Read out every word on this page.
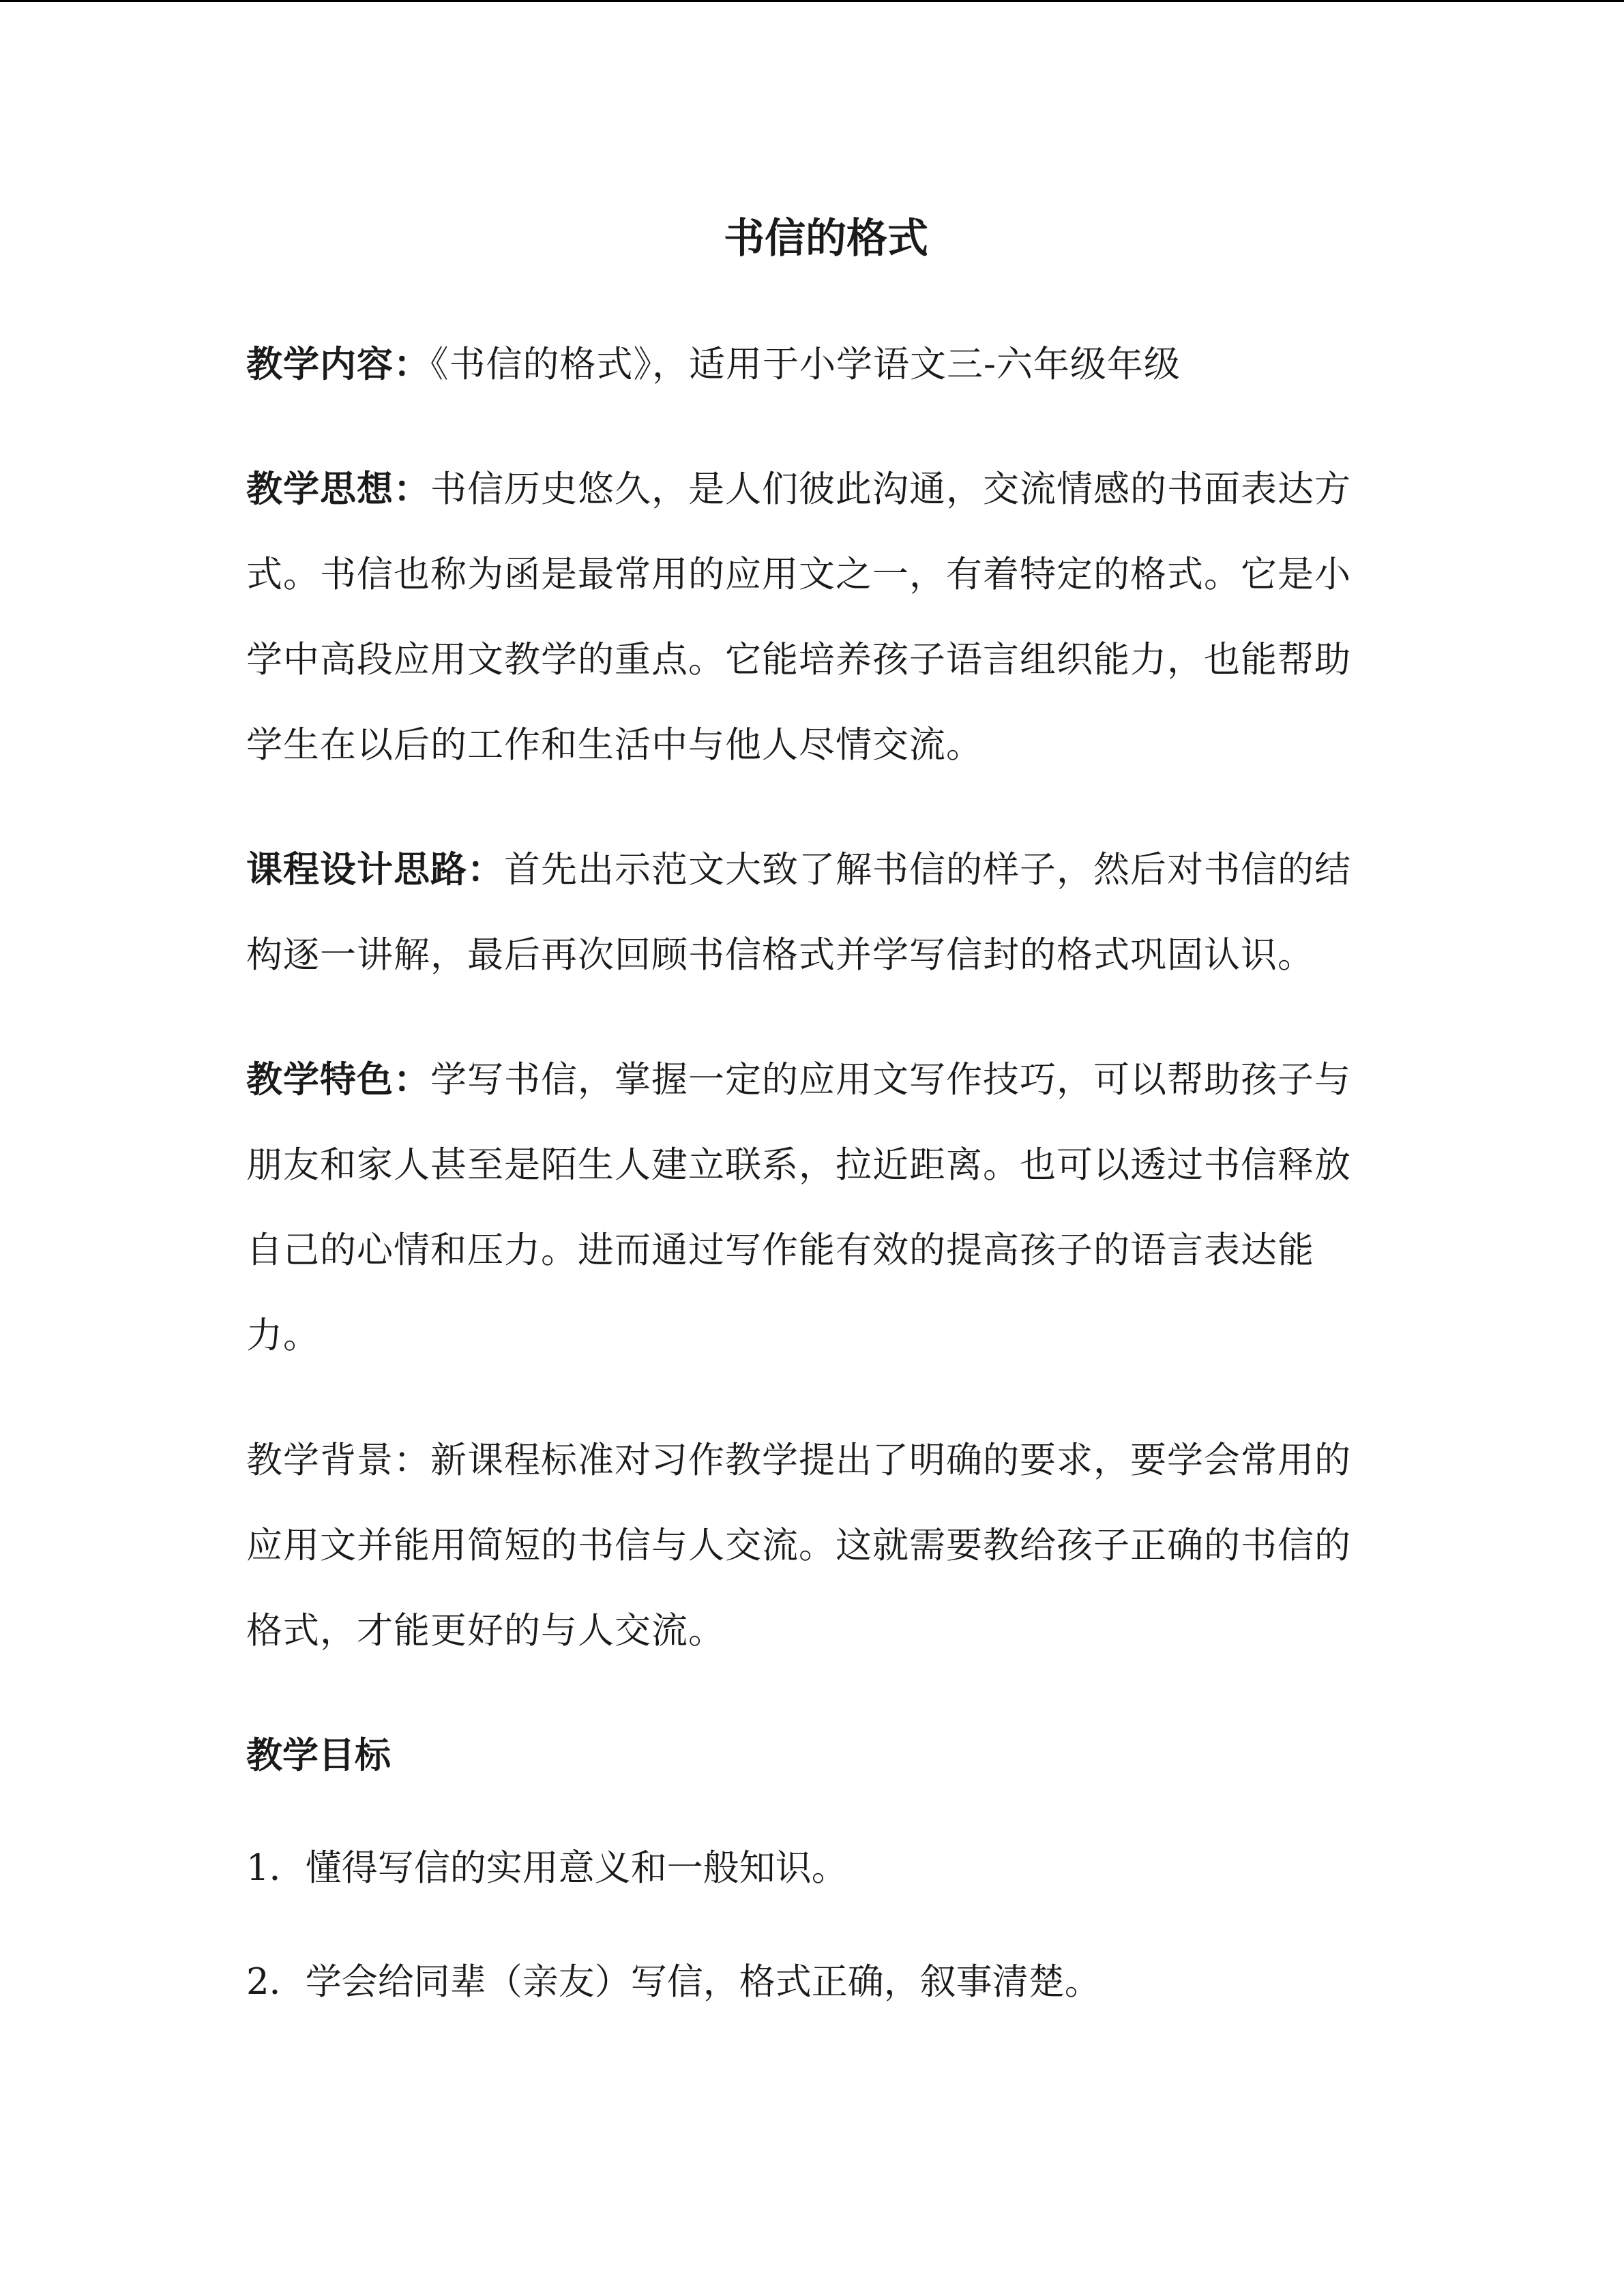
书信的格式

教学内容：《书信的格式》，适用于小学语文三-六年级年级

教学思想：书信历史悠久，是人们彼此沟通，交流情感的书面表达方式。书信也称为函是最常用的应用文之一，有着特定的格式。它是小学中高段应用文教学的重点。它能培养孩子语言组织能力，也能帮助学生在以后的工作和生活中与他人尽情交流。

课程设计思路：首先出示范文大致了解书信的样子，然后对书信的结构逐一讲解，最后再次回顾书信格式并学写信封的格式巩固认识。

教学特色：学写书信，掌握一定的应用文写作技巧，可以帮助孩子与朋友和家人甚至是陌生人建立联系，拉近距离。也可以透过书信释放自己的心情和压力。进而通过写作能有效的提高孩子的语言表达能力。

教学背景：新课程标准对习作教学提出了明确的要求，要学会常用的应用文并能用简短的书信与人交流。这就需要教给孩子正确的书信的格式，才能更好的与人交流。

教学目标

1．懂得写信的实用意义和一般知识。

2．学会给同辈（亲友）写信，格式正确，叙事清楚。
